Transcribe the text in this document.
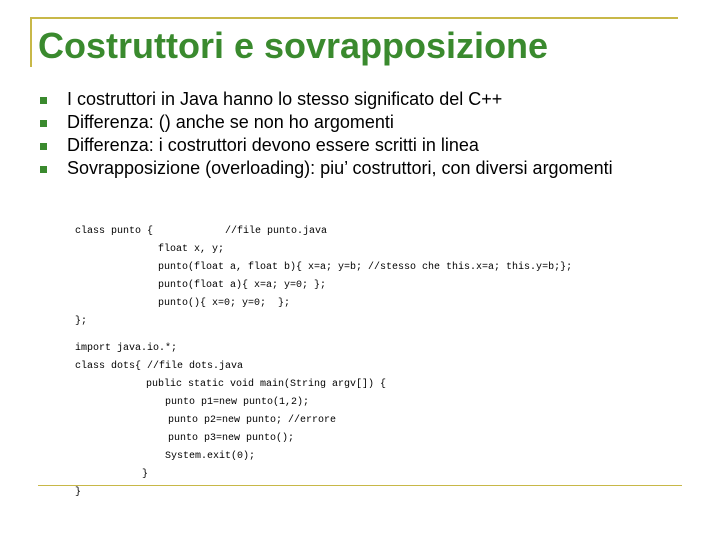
Costruttori e sovrapposizione
I costruttori in Java hanno lo stesso significato del C++
Differenza: () anche se non ho argomenti
Differenza: i costruttori devono essere scritti in linea
Sovrapposizione (overloading): piu’ costruttori, con diversi argomenti
class punto {            //file punto.java
float x, y;
punto(float a, float b){ x=a; y=b; //stesso che this.x=a; this.y=b;};
punto(float a){ x=a; y=0; };
punto(){ x=0; y=0;  };
};
import java.io.*;
class dots{ //file dots.java
public static void main(String argv[]) {
punto p1=new punto(1,2);
punto p2=new punto; //errore
punto p3=new punto();
System.exit(0);
}
}
